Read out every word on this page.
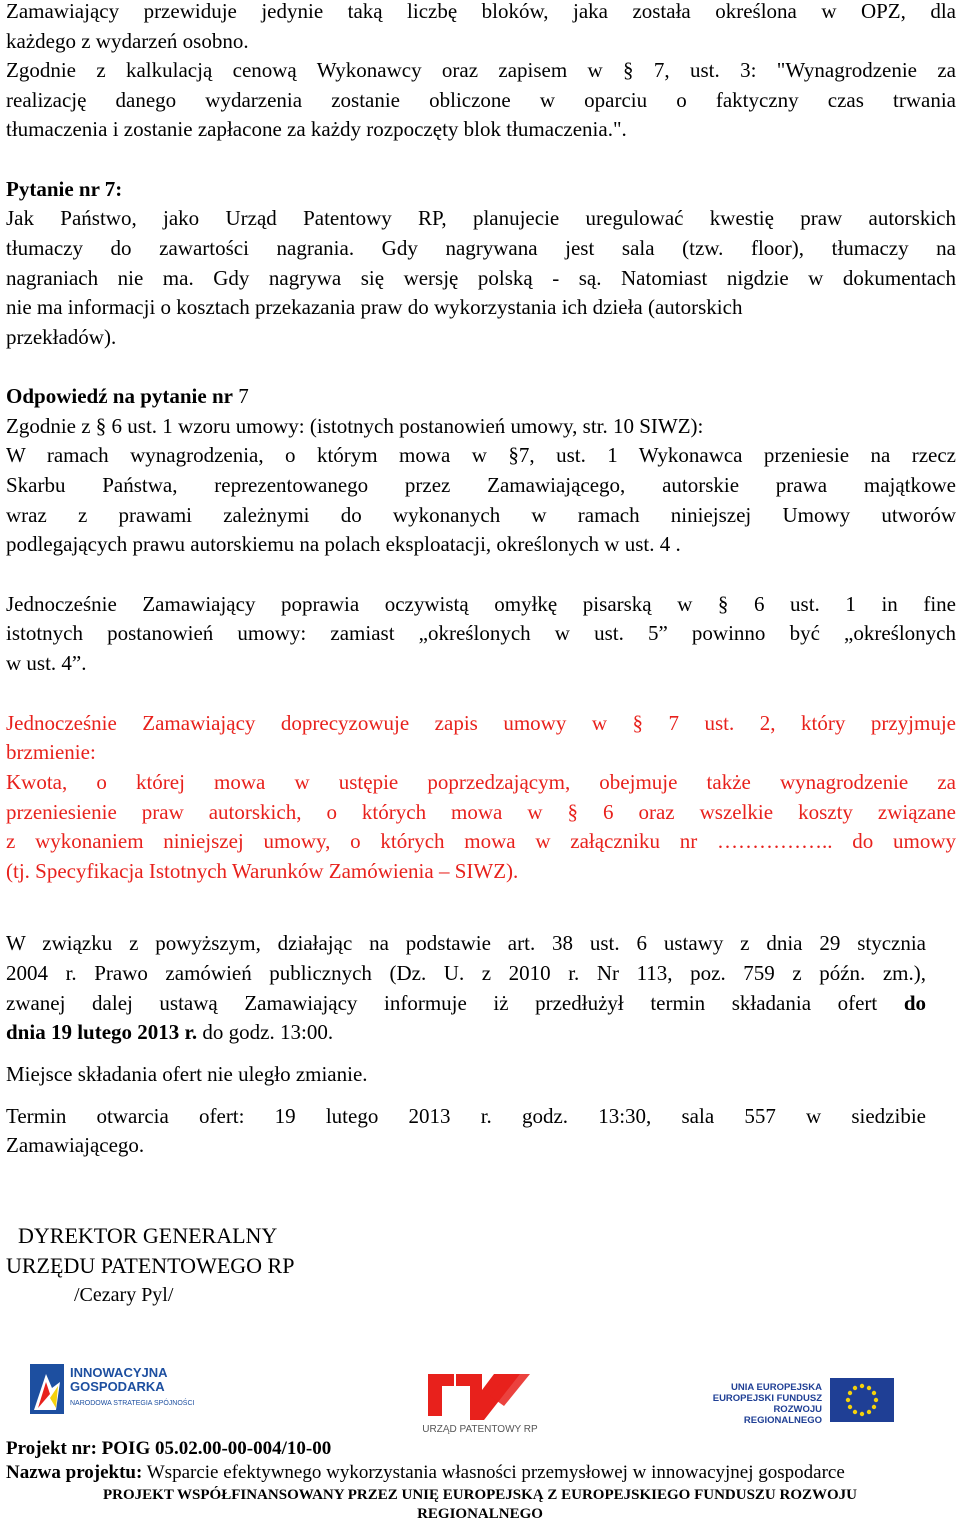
Zamawiający przewiduje jedynie taką liczbę bloków, jaka została określona w OPZ, dla
każdego z wydarzeń osobno.
Zgodnie z kalkulacją cenową Wykonawcy oraz zapisem w § 7, ust. 3: "Wynagrodzenie za
realizację danego wydarzenia zostanie obliczone w oparciu o faktyczny czas trwania
tłumaczenia i zostanie zapłacone za każdy rozpoczęty blok tłumaczenia.".
Pytanie nr 7:
Jak Państwo, jako Urząd Patentowy RP, planujecie uregulować kwestię praw autorskich
tłumaczy do zawartości nagrania. Gdy nagrywana jest sala (tzw. floor), tłumaczy na
nagraniach nie ma. Gdy nagrywa się wersję polską - są. Natomiast nigdzie w dokumentach
nie ma informacji o kosztach przekazania praw do wykorzystania ich dzieła (autorskich
przekładów).
Odpowiedź na pytanie nr 7
Zgodnie z § 6 ust. 1 wzoru umowy: (istotnych postanowień umowy, str. 10 SIWZ):
W ramach wynagrodzenia, o którym mowa w §7, ust. 1 Wykonawca przeniesie na rzecz
Skarbu Państwa, reprezentowanego przez Zamawiającego, autorskie prawa majątkowe
wraz z prawami zależnymi do wykonanych w ramach niniejszej Umowy utworów
podlegających prawu autorskiemu na polach eksploatacji, określonych w ust. 4 .
Jednocześnie Zamawiający poprawia oczywistą omyłkę pisarską w § 6 ust. 1 in fine
istotnych postanowień umowy: zamiast „określonych w ust. 5” powinno być „określonych
w ust. 4”.
Jednocześnie Zamawiający doprecyzowuje zapis umowy w § 7 ust. 2, który przyjmuje
brzmienie:
Kwota, o której mowa w ustępie poprzedzającym, obejmuje także wynagrodzenie za
przeniesienie praw autorskich, o których mowa w § 6 oraz wszelkie koszty związane
z wykonaniem niniejszej umowy, o których mowa w załączniku nr …………….. do umowy
(tj. Specyfikacja Istotnych Warunków Zamówienia – SIWZ).
W związku z powyższym, działając na podstawie art. 38 ust. 6 ustawy z dnia 29 stycznia
2004 r. Prawo zamówień publicznych (Dz. U. z 2010 r. Nr 113, poz. 759 z późn. zm.),
zwanej dalej ustawą Zamawiający informuje iż przedłużył termin składania ofert do
dnia 19 lutego 2013 r. do godz. 13:00.
Miejsce składania ofert nie uległo zmianie.
Termin otwarcia ofert: 19 lutego 2013 r. godz. 13:30, sala 557 w siedzibie
Zamawiającego.
DYREKTOR GENERALNY
URZĘDU PATENTOWEGO RP
/Cezary Pyl/
INNOWACYJNA
GOSPODARKA
NARODOWA STRATEGIA SPÓJNOŚCI
URZĄD PATENTOWY RP
UNIA EUROPEJSKA
EUROPEJSKI FUNDUSZ
ROZWOJU REGIONALNEGO
Projekt nr: POIG 05.02.00-00-004/10-00
Nazwa projektu: Wsparcie efektywnego wykorzystania własności przemysłowej w innowacyjnej gospodarce
PROJEKT WSPÓŁFINANSOWANY PRZEZ UNIĘ EUROPEJSKĄ Z EUROPEJSKIEGO FUNDUSZU ROZWOJU
REGIONALNEGO
